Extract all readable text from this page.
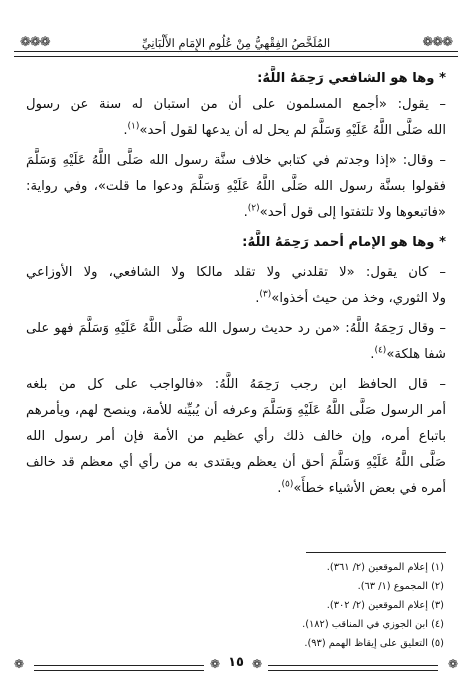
❁❁❁
المُلَخَّصُ الفِقْهِيُّ مِنْ عُلُومِ الإِمَامِ الأَلْبَانِيِّ
❁❁❁
* وها هو الشافعي رَحِمَهُ اللَّهُ:
– يقول: «أجمع المسلمون على أن من استبان له سنة عن رسول
الله صَلَّى اللَّهُ عَلَيْهِ وَسَلَّمَ لم يحل له أن يدعها لقول أحد»$^{(١)}$.
– وقال: «إذا وجدتم في كتابي خلاف سنَّة رسول الله صَلَّى اللَّهُ عَلَيْهِ وَسَلَّمَ
فقولوا بسنَّة رسول الله صَلَّى اللَّهُ عَلَيْهِ وَسَلَّمَ ودعوا ما قلت»، وفي رواية:
«فاتبعوها ولا تلتفتوا إلى قول أحد»$^{(٢)}$.
* وها هو الإمام أحمد رَحِمَهُ اللَّهُ:
– كان يقول: «لا تقلدني ولا تقلد مالكا ولا الشافعي، ولا الأوزاعي
ولا الثوري، وخذ من حيث أخذوا»$^{(٣)}$.
– وقال رَحِمَهُ اللَّهُ: «من رد حديث رسول الله صَلَّى اللَّهُ عَلَيْهِ وَسَلَّمَ فهو على
شفا هلكة»$^{(٤)}$.
– قال الحافظ ابن رجب رَحِمَهُ اللَّهُ: «فالواجب على كل من بلغه
أمر الرسول صَلَّى اللَّهُ عَلَيْهِ وَسَلَّمَ وعرفه أن يُبيِّنه للأمة، وينصح لهم، ويأمرهم
باتباع أمره، وإن خالف ذلك رأي عظيم من الأمة فإن أمر رسول الله
صَلَّى اللَّهُ عَلَيْهِ وَسَلَّمَ أحق أن يعظم ويقتدى به من رأي أي معظم قد خالف
أمره في بعض الأشياء خطأً»$^{(٥)}$.
(١) إعلام الموقعين (٢/ ٣٦١).
(٢) المجموع (١/ ٦٣).
(٣) إعلام الموقعين (٢/ ٣٠٢).
(٤) ابن الجوزي في المناقب (١٨٢).
(٥) التعليق على إيقاظ الهمم (٩٣).
❁	❁ ١٥ ❁	❁
